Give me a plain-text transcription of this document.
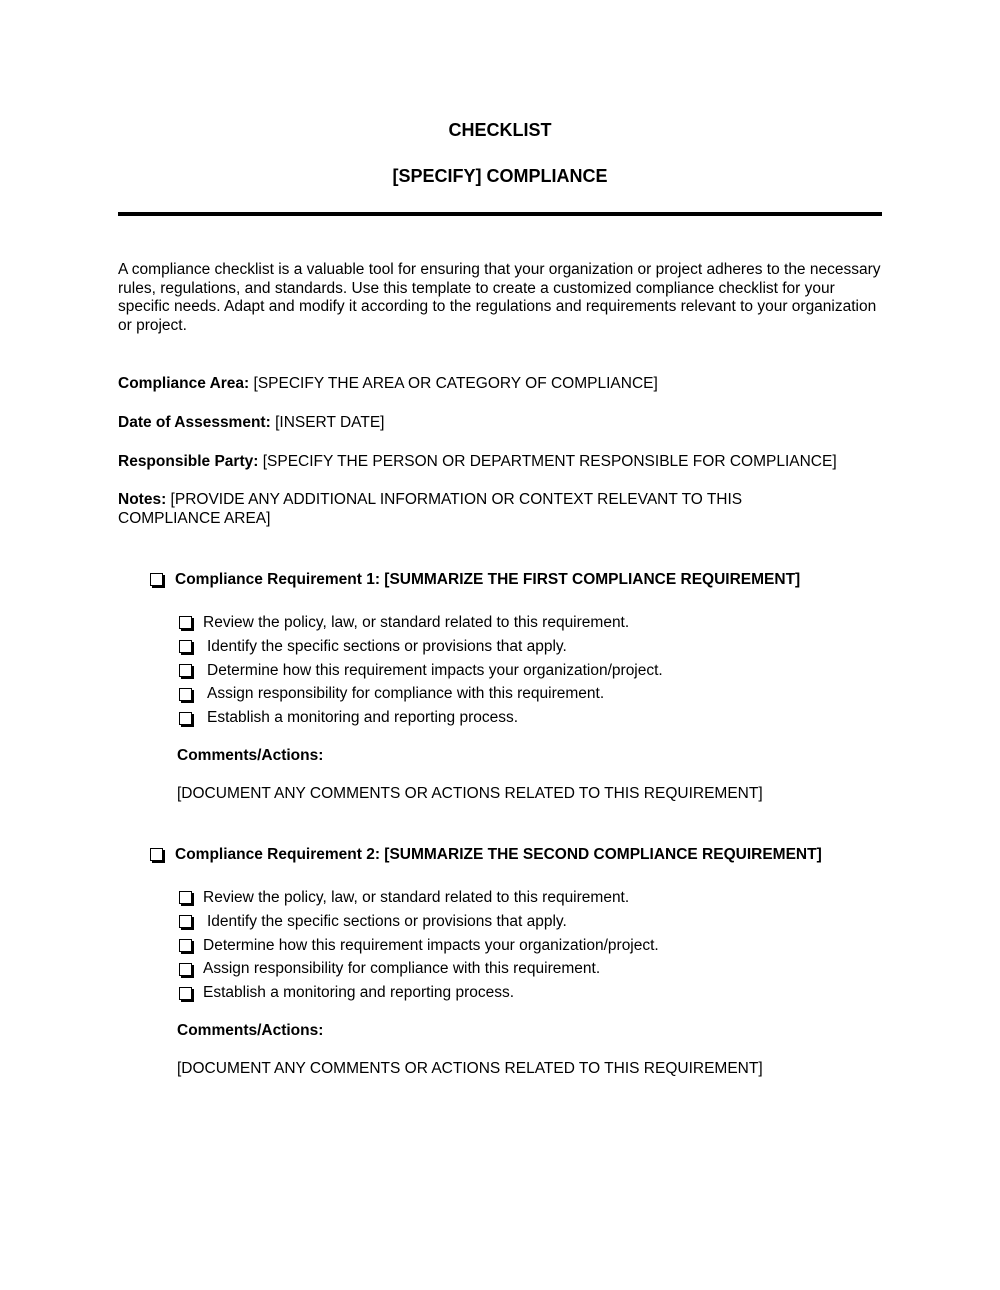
CHECKLIST
[SPECIFY] COMPLIANCE
A compliance checklist is a valuable tool for ensuring that your organization or project adheres to the necessary rules, regulations, and standards. Use this template to create a customized compliance checklist for your specific needs. Adapt and modify it according to the regulations and requirements relevant to your organization or project.
Compliance Area: [SPECIFY THE AREA OR CATEGORY OF COMPLIANCE]
Date of Assessment: [INSERT DATE]
Responsible Party: [SPECIFY THE PERSON OR DEPARTMENT RESPONSIBLE FOR COMPLIANCE]
Notes: [PROVIDE ANY ADDITIONAL INFORMATION OR CONTEXT RELEVANT TO THIS COMPLIANCE AREA]
Compliance Requirement 1: [SUMMARIZE THE FIRST COMPLIANCE REQUIREMENT]
Review the policy, law, or standard related to this requirement.
Identify the specific sections or provisions that apply.
Determine how this requirement impacts your organization/project.
Assign responsibility for compliance with this requirement.
Establish a monitoring and reporting process.
Comments/Actions:
[DOCUMENT ANY COMMENTS OR ACTIONS RELATED TO THIS REQUIREMENT]
Compliance Requirement 2: [SUMMARIZE THE SECOND COMPLIANCE REQUIREMENT]
Review the policy, law, or standard related to this requirement.
Identify the specific sections or provisions that apply.
Determine how this requirement impacts your organization/project.
Assign responsibility for compliance with this requirement.
Establish a monitoring and reporting process.
Comments/Actions:
[DOCUMENT ANY COMMENTS OR ACTIONS RELATED TO THIS REQUIREMENT]
